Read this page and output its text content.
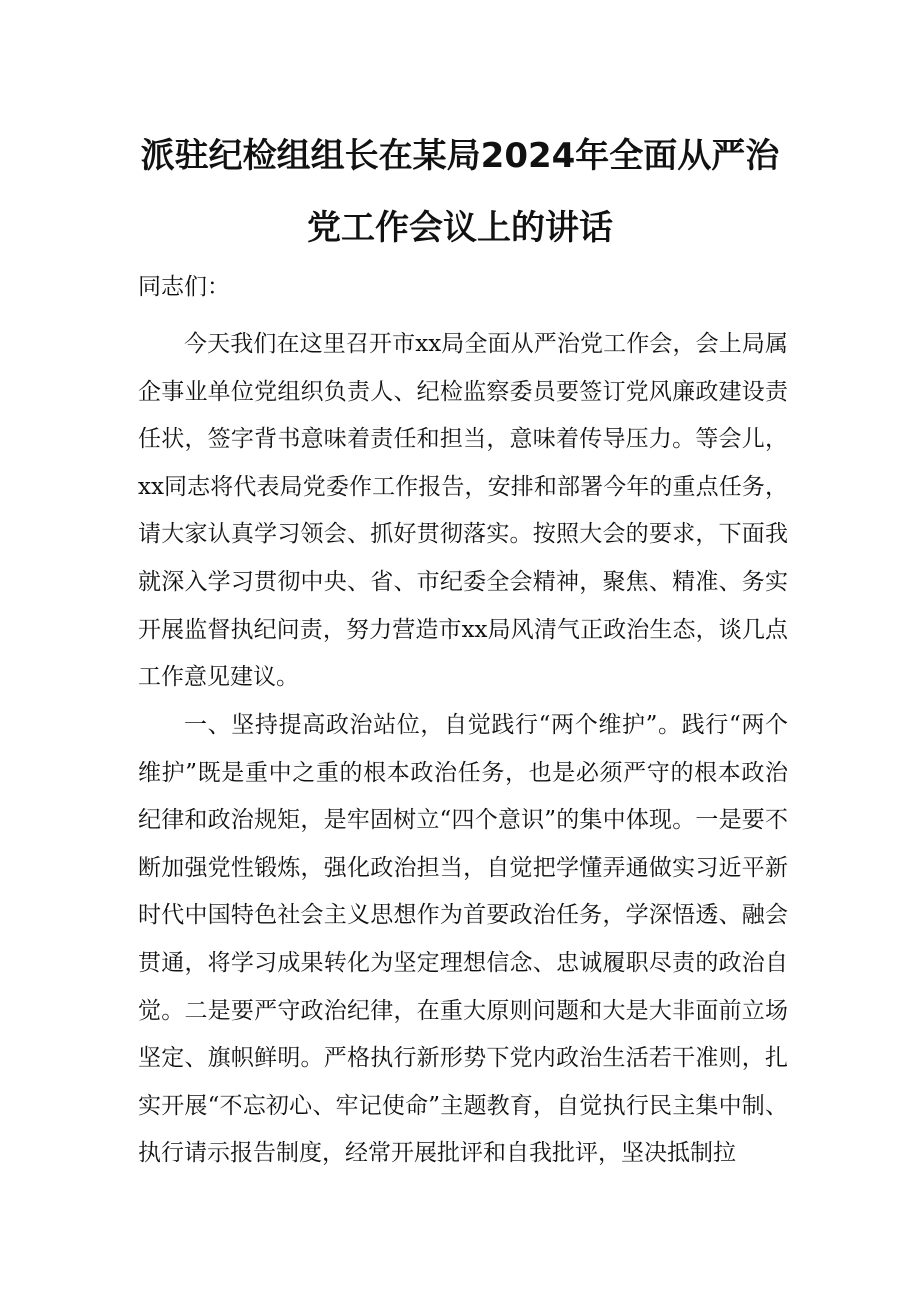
派驻纪检组组长在某局2024年全面从严治
党工作会议上的讲话
同志们：
今天我们在这里召开市xx局全面从严治党工作会，会上局属企事业单位党组织负责人、纪检监察委员要签订党风廉政建设责任状，签字背书意味着责任和担当，意味着传导压力。等会儿，xx同志将代表局党委作工作报告，安排和部署今年的重点任务，请大家认真学习领会、抓好贯彻落实。按照大会的要求，下面我就深入学习贯彻中央、省、市纪委全会精神，聚焦、精准、务实开展监督执纪问责，努力营造市xx局风清气正政治生态，谈几点工作意见建议。
一、坚持提高政治站位，自觉践行“两个维护”。践行“两个维护”既是重中之重的根本政治任务，也是必须严守的根本政治纪律和政治规矩，是牢固树立“四个意识”的集中体现。一是要不断加强党性锻炼，强化政治担当，自觉把学懂弄通做实习近平新时代中国特色社会主义思想作为首要政治任务，学深悟透、融会贯通，将学习成果转化为坚定理想信念、忠诚履职尽责的政治自觉。二是要严守政治纪律，在重大原则问题和大是大非面前立场坚定、旗帜鲜明。严格执行新形势下党内政治生活若干准则，扎实开展“不忘初心、牢记使命”主题教育，自觉执行民主集中制、执行请示报告制度，经常开展批评和自我批评，坚决抵制拉
